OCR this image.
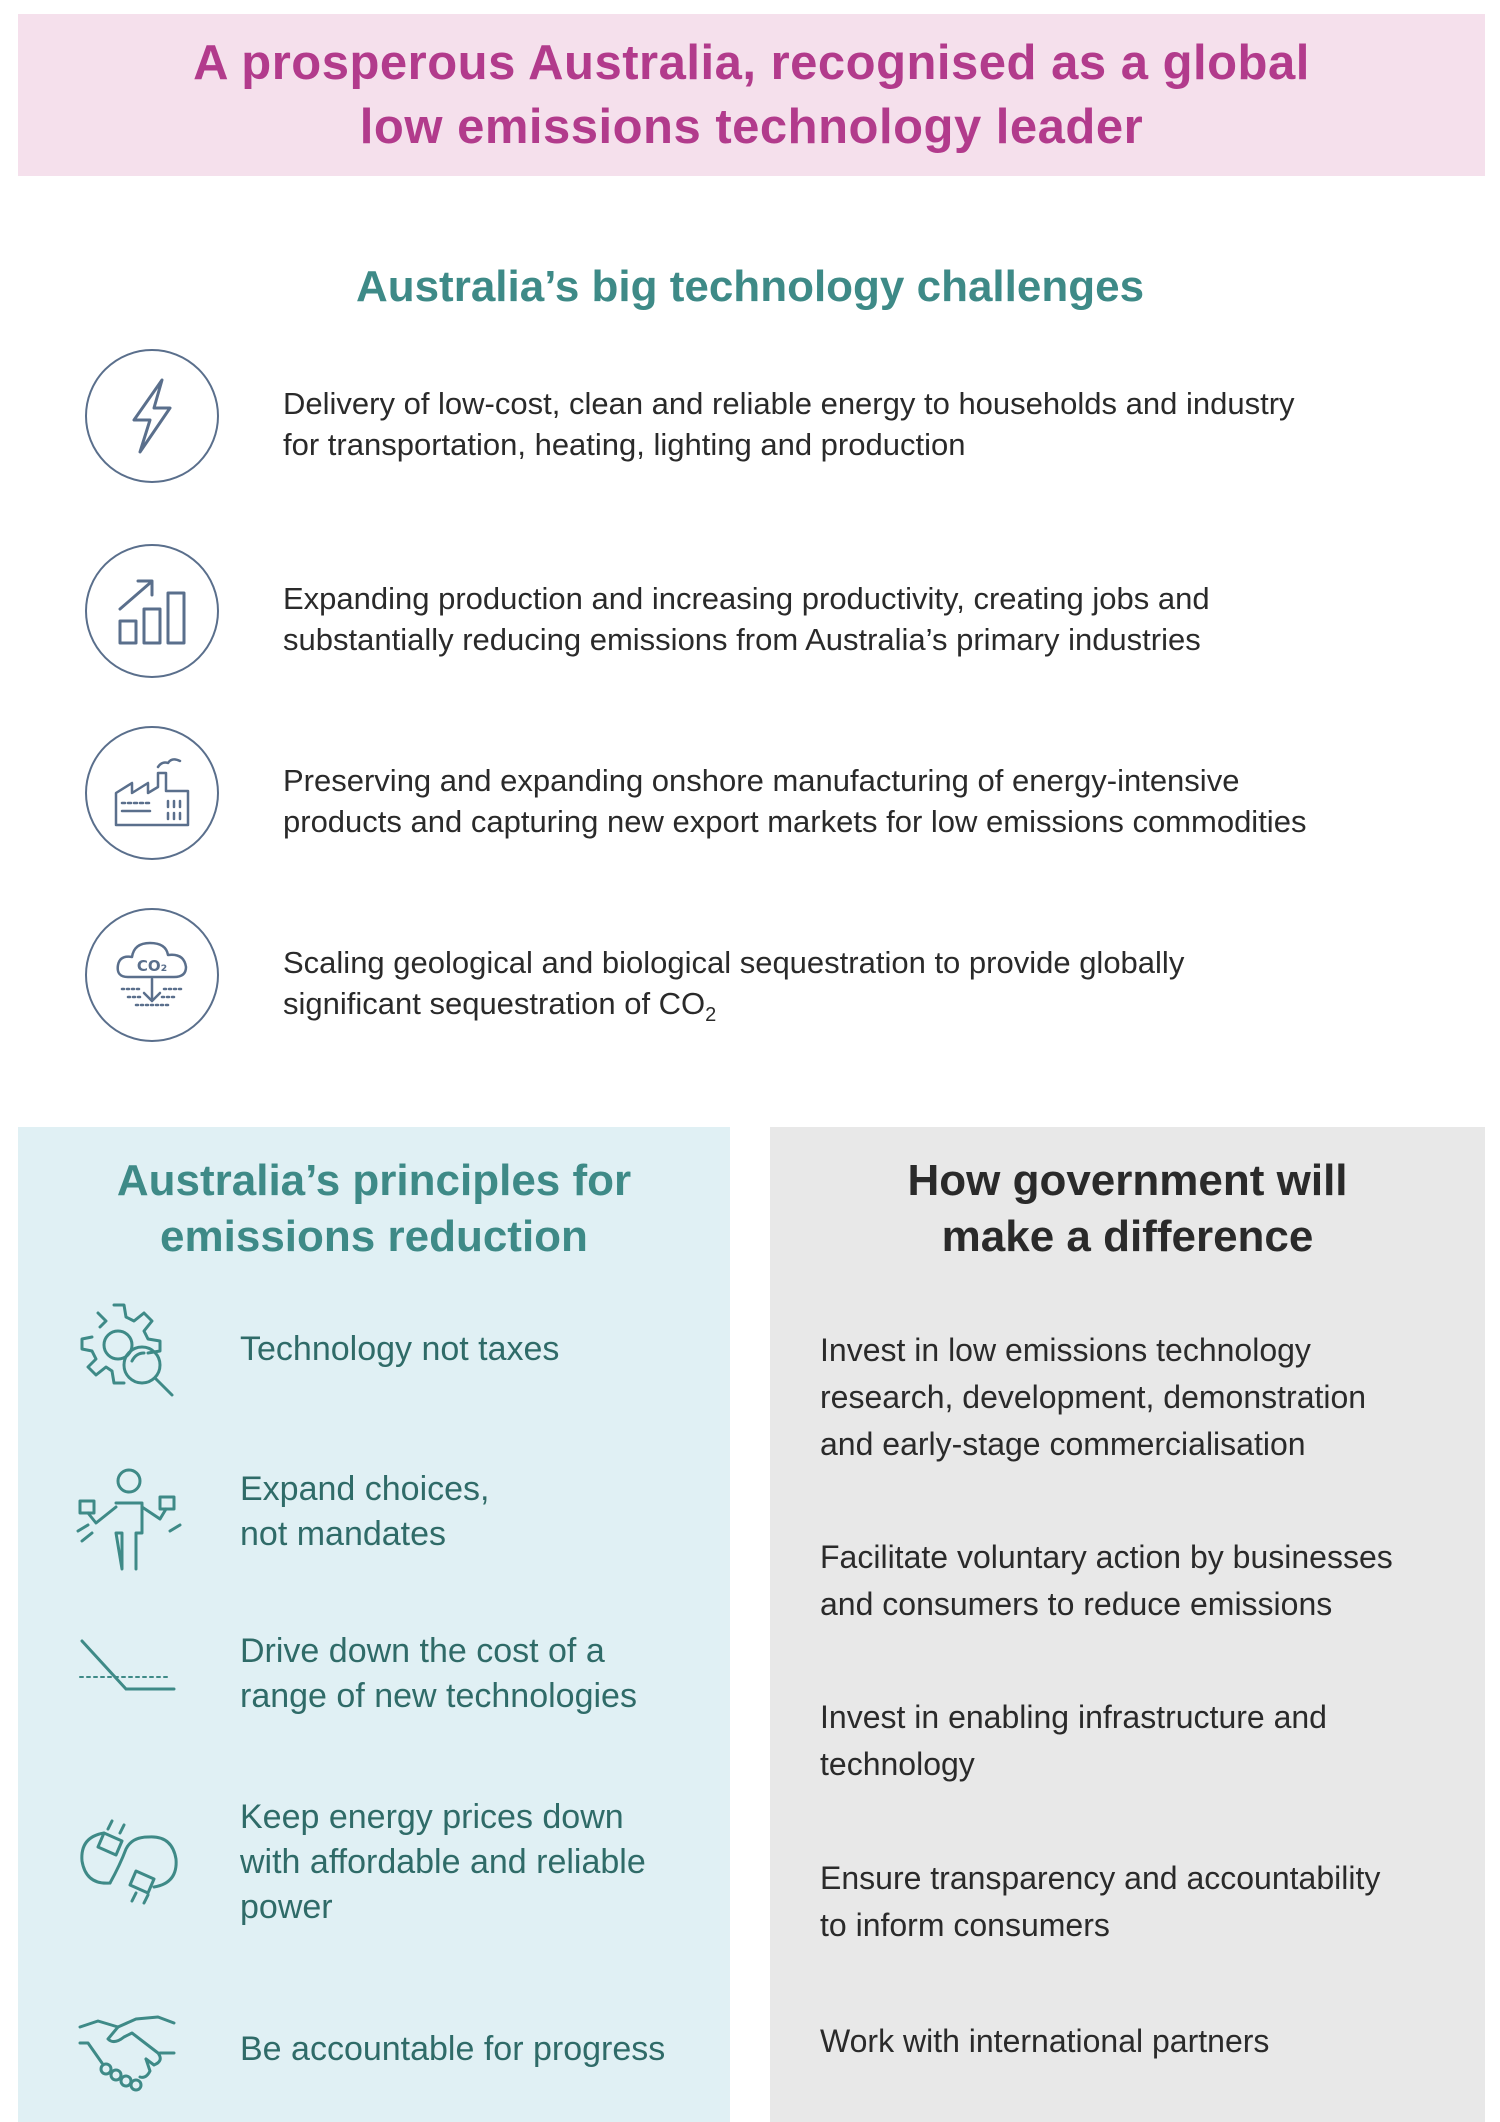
A prosperous Australia, recognised as a global
low emissions technology leader
Australia’s big technology challenges
Delivery of low-cost, clean and reliable energy to households and industry
for transportation, heating, lighting and production
Expanding production and increasing productivity, creating jobs and
substantially reducing emissions from Australia’s primary industries
Preserving and expanding onshore manufacturing of energy-intensive
products and capturing new export markets for low emissions commodities
CO₂	Scaling geological and biological sequestration to provide globally
significant sequestration of $CO_2$
Australia’s principles for
emissions reduction
Technology not taxes
Expand choices,
not mandates
Drive down the cost of a
range of new technologies
Keep energy prices down
with affordable and reliable
power
Be accountable for progress
How government will
make a difference
Invest in low emissions technology
research, development, demonstration
and early-stage commercialisation
Facilitate voluntary action by businesses
and consumers to reduce emissions
Invest in enabling infrastructure and
technology
Ensure transparency and accountability
to inform consumers
Work with international partners
